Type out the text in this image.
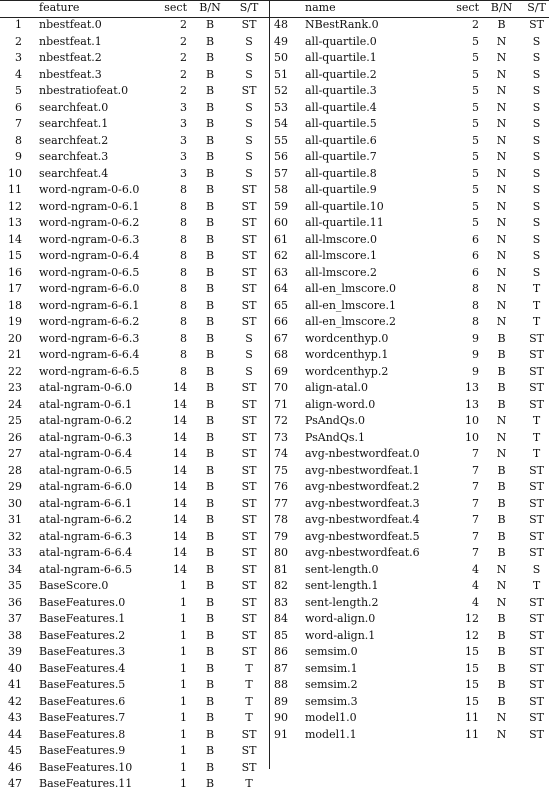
feature	sect	B/N	S/T
1	nbestfeat.0	2	B	ST
2	nbestfeat.1	2	B	S
3	nbestfeat.2	2	B	S
4	nbestfeat.3	2	B	S
5	nbestratiofeat.0	2	B	ST
6	searchfeat.0	3	B	S
7	searchfeat.1	3	B	S
8	searchfeat.2	3	B	S
9	searchfeat.3	3	B	S
10	searchfeat.4	3	B	S
11	word-ngram-0-6.0	8	B	ST
12	word-ngram-0-6.1	8	B	ST
13	word-ngram-0-6.2	8	B	ST
14	word-ngram-0-6.3	8	B	ST
15	word-ngram-0-6.4	8	B	ST
16	word-ngram-0-6.5	8	B	ST
17	word-ngram-6-6.0	8	B	ST
18	word-ngram-6-6.1	8	B	ST
19	word-ngram-6-6.2	8	B	ST
20	word-ngram-6-6.3	8	B	S
21	word-ngram-6-6.4	8	B	S
22	word-ngram-6-6.5	8	B	S
23	atal-ngram-0-6.0	14	B	ST
24	atal-ngram-0-6.1	14	B	ST
25	atal-ngram-0-6.2	14	B	ST
26	atal-ngram-0-6.3	14	B	ST
27	atal-ngram-0-6.4	14	B	ST
28	atal-ngram-0-6.5	14	B	ST
29	atal-ngram-6-6.0	14	B	ST
30	atal-ngram-6-6.1	14	B	ST
31	atal-ngram-6-6.2	14	B	ST
32	atal-ngram-6-6.3	14	B	ST
33	atal-ngram-6-6.4	14	B	ST
34	atal-ngram-6-6.5	14	B	ST
35	BaseScore.0	1	B	ST
36	BaseFeatures.0	1	B	ST
37	BaseFeatures.1	1	B	ST
38	BaseFeatures.2	1	B	ST
39	BaseFeatures.3	1	B	ST
40	BaseFeatures.4	1	B	T
41	BaseFeatures.5	1	B	T
42	BaseFeatures.6	1	B	T
43	BaseFeatures.7	1	B	T
44	BaseFeatures.8	1	B	ST
45	BaseFeatures.9	1	B	ST
46	BaseFeatures.10	1	B	ST
47	BaseFeatures.11	1	B	T
name	sect	B/N	S/T
48	NBestRank.0	2	B	ST
49	all-quartile.0	5	N	S
50	all-quartile.1	5	N	S
51	all-quartile.2	5	N	S
52	all-quartile.3	5	N	S
53	all-quartile.4	5	N	S
54	all-quartile.5	5	N	S
55	all-quartile.6	5	N	S
56	all-quartile.7	5	N	S
57	all-quartile.8	5	N	S
58	all-quartile.9	5	N	S
59	all-quartile.10	5	N	S
60	all-quartile.11	5	N	S
61	all-lmscore.0	6	N	S
62	all-lmscore.1	6	N	S
63	all-lmscore.2	6	N	S
64	all-en_lmscore.0	8	N	T
65	all-en_lmscore.1	8	N	T
66	all-en_lmscore.2	8	N	T
67	wordcenthyp.0	9	B	ST
68	wordcenthyp.1	9	B	ST
69	wordcenthyp.2	9	B	ST
70	align-atal.0	13	B	ST
71	align-word.0	13	B	ST
72	PsAndQs.0	10	N	T
73	PsAndQs.1	10	N	T
74	avg-nbestwordfeat.0	7	N	T
75	avg-nbestwordfeat.1	7	B	ST
76	avg-nbestwordfeat.2	7	B	ST
77	avg-nbestwordfeat.3	7	B	ST
78	avg-nbestwordfeat.4	7	B	ST
79	avg-nbestwordfeat.5	7	B	ST
80	avg-nbestwordfeat.6	7	B	ST
81	sent-length.0	4	N	S
82	sent-length.1	4	N	T
83	sent-length.2	4	N	ST
84	word-align.0	12	B	ST
85	word-align.1	12	B	ST
86	semsim.0	15	B	ST
87	semsim.1	15	B	ST
88	semsim.2	15	B	ST
89	semsim.3	15	B	ST
90	model1.0	11	N	ST
91	model1.1	11	N	ST
